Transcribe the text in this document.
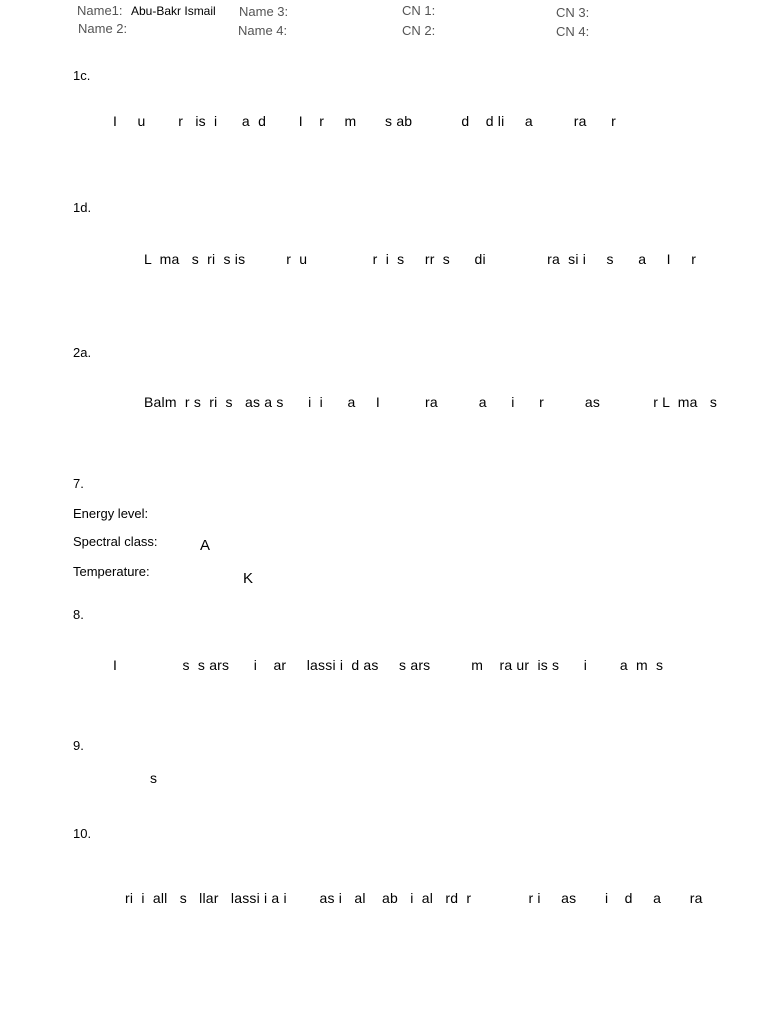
Name1: Abu-Bakr Ismail
Name 2:
Name 3:
Name 4:
CN 1:
CN 2:
CN 3:
CN 4:
1c.
I     u        r   is  i      a  d        I    r     m       s ab            d    d li     a          ra      r
1d.
L  ma   s  ri  s is          r  u                r  i  s     rr  s      di               ra  si i     s      a     I     r
2a.
Balm  r s  ri  s   as a s      i  i      a     I           ra          a      i      r          as             r L  ma   s
7.
Energy level:
Spectral class:	A
Temperature:	K
8.
I                s  s ars      i    ar     lassi i  d as     s ars          m    ra ur  is s      i        a  m  s
9.
s
10.
ri  i  all   s   llar   lassi i a i        as i   al    ab   i  al   rd  r              r i     as       i    d     a       ra
